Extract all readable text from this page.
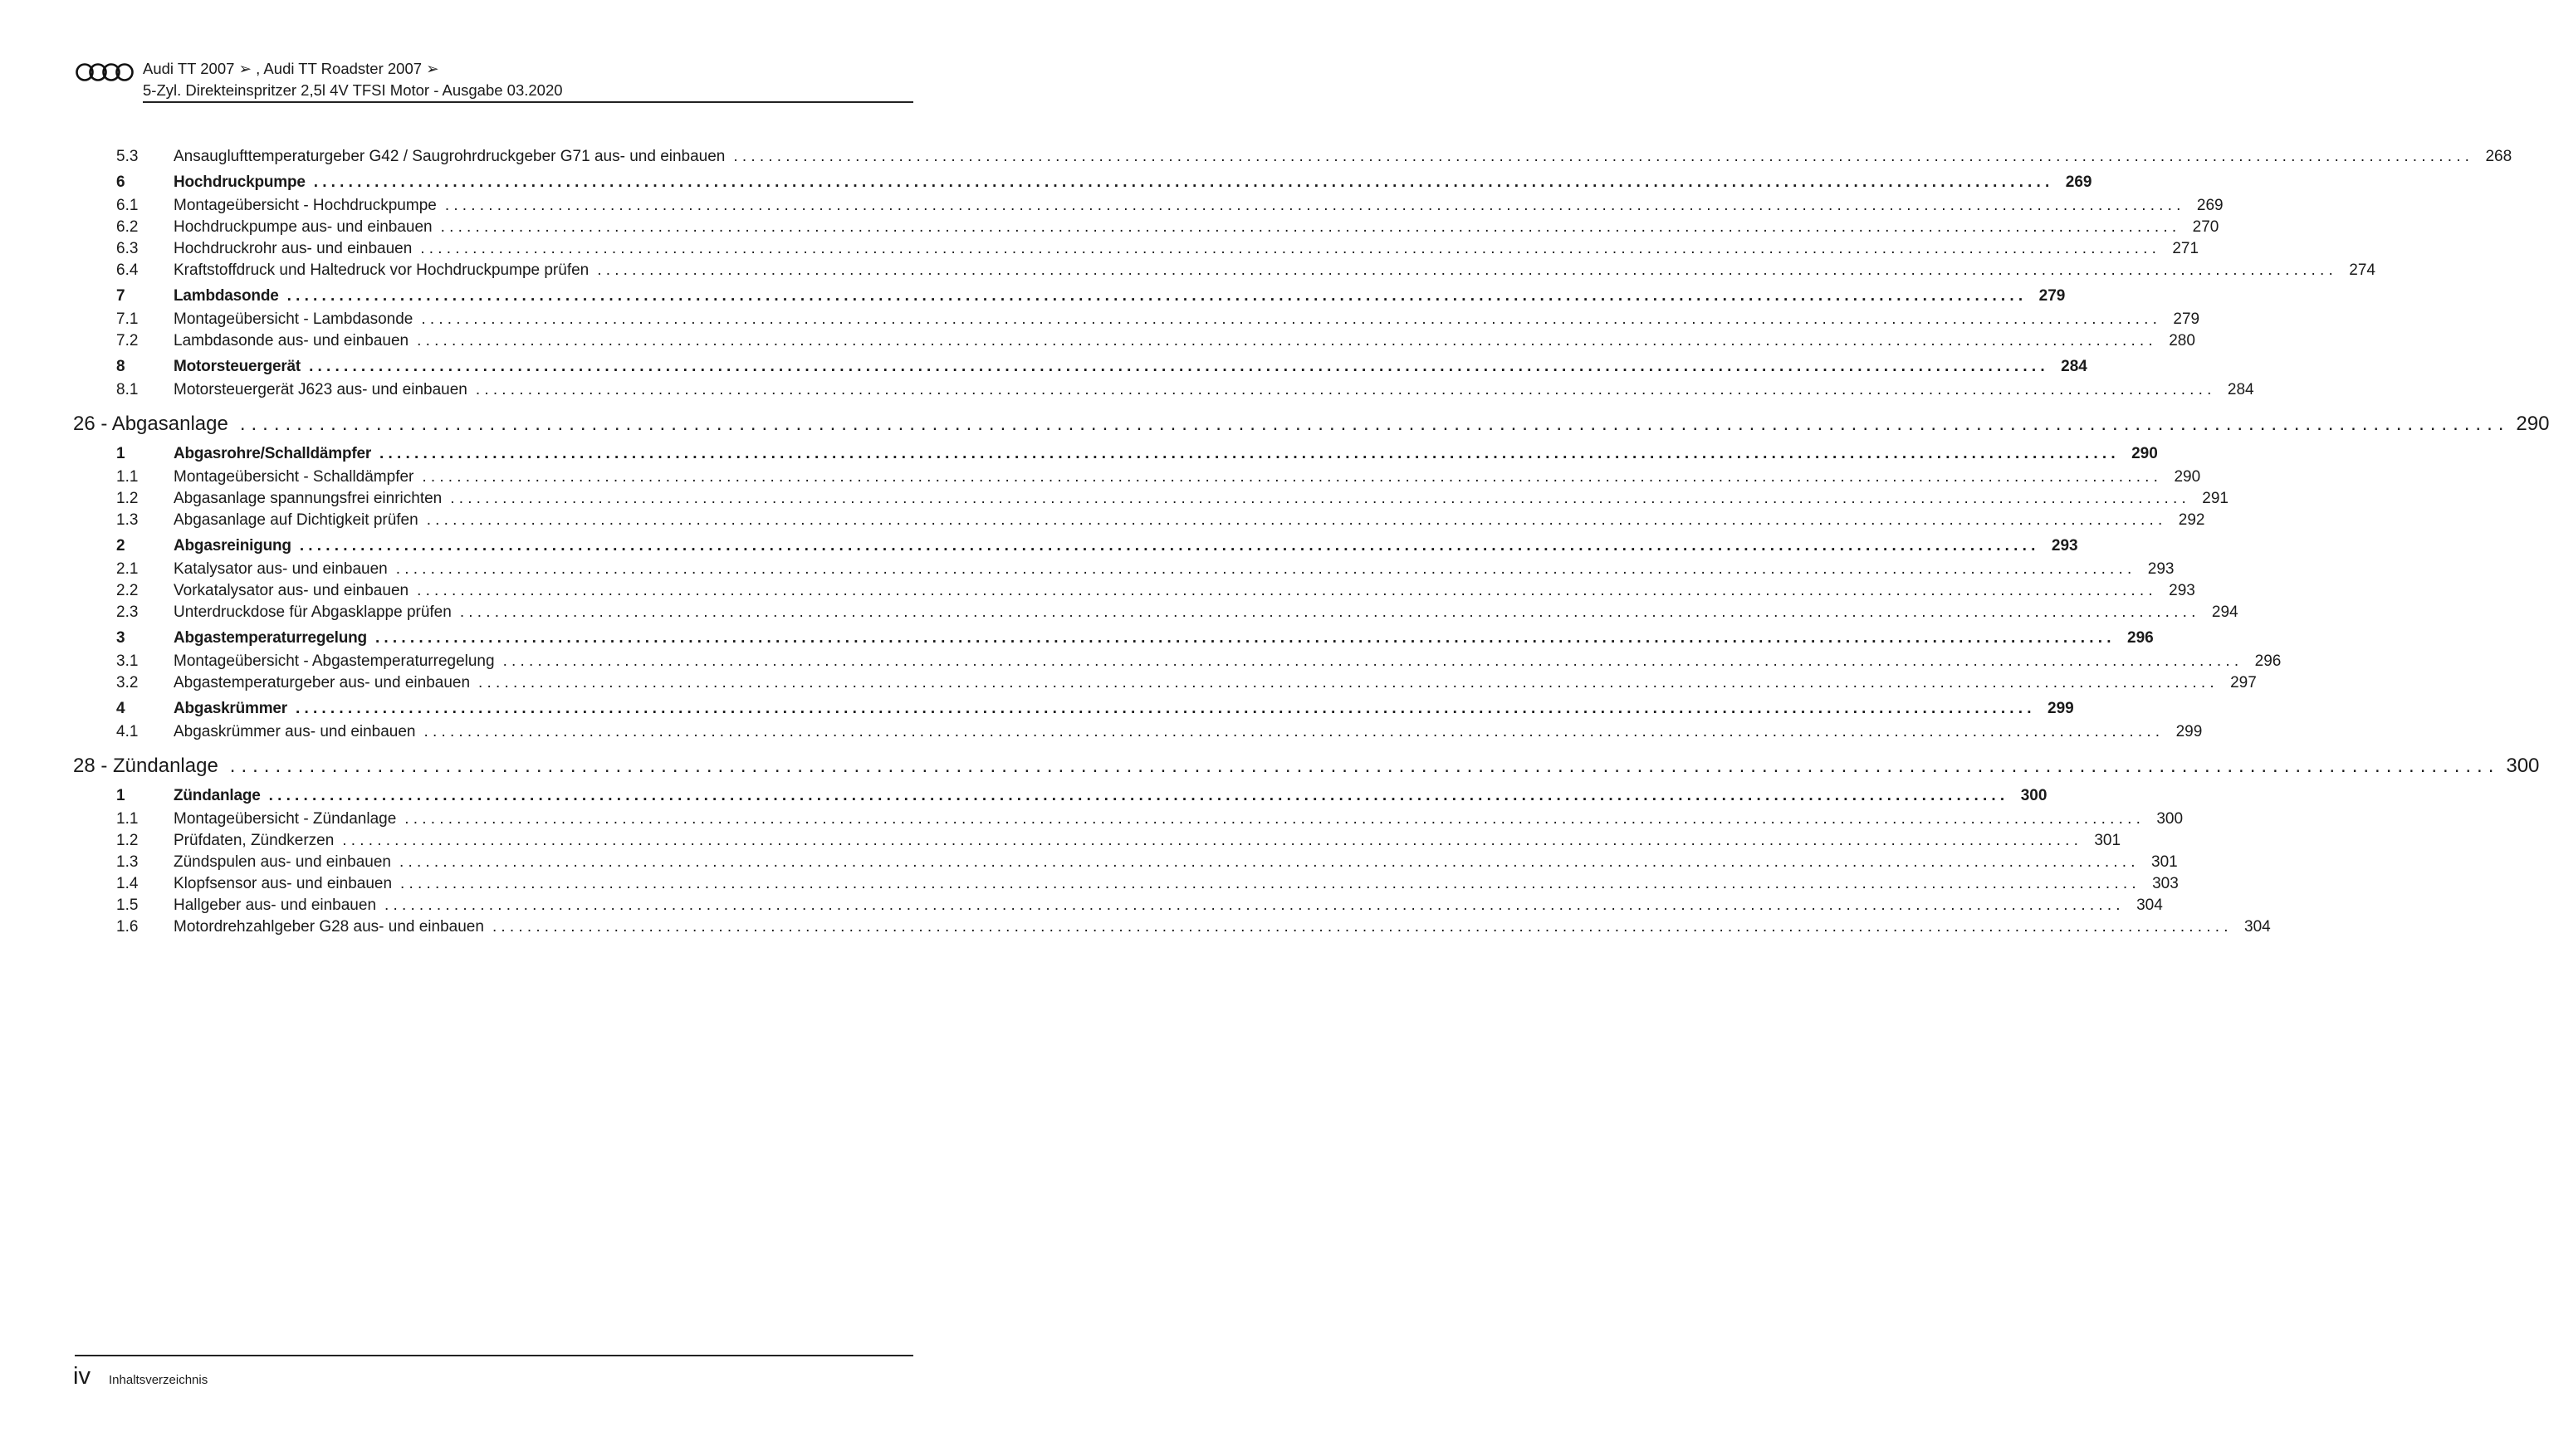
Audi TT 2007 ➢ , Audi TT Roadster 2007 ➢
5-Zyl. Direkteinspritzer 2,5l 4V TFSI Motor - Ausgabe 03.2020
5.3	Ansauglufttemperaturgeber G42 / Saugrohrdruckgeber G71 aus- und einbauen ........................................................................................................................................................................................................ 268
6	Hochdruckpumpe ........................................................................................................................................................................................................ 269
6.1	Montageübersicht - Hochdruckpumpe ........................................................................................................................................................................................................ 269
6.2	Hochdruckpumpe aus- und einbauen ........................................................................................................................................................................................................ 270
6.3	Hochdruckrohr aus- und einbauen ........................................................................................................................................................................................................ 271
6.4	Kraftstoffdruck und Haltedruck vor Hochdruckpumpe prüfen ........................................................................................................................................................................................................ 274
7	Lambdasonde ........................................................................................................................................................................................................ 279
7.1	Montageübersicht - Lambdasonde ........................................................................................................................................................................................................ 279
7.2	Lambdasonde aus- und einbauen ........................................................................................................................................................................................................ 280
8	Motorsteuergerät ........................................................................................................................................................................................................ 284
8.1	Motorsteuergerät J623 aus- und einbauen ........................................................................................................................................................................................................ 284
26 - Abgasanlage ........................................................................................................................................................................................................ 290
1	Abgasrohre/Schalldämpfer ........................................................................................................................................................................................................ 290
1.1	Montageübersicht - Schalldämpfer ........................................................................................................................................................................................................ 290
1.2	Abgasanlage spannungsfrei einrichten ........................................................................................................................................................................................................ 291
1.3	Abgasanlage auf Dichtigkeit prüfen ........................................................................................................................................................................................................ 292
2	Abgasreinigung ........................................................................................................................................................................................................ 293
2.1	Katalysator aus- und einbauen ........................................................................................................................................................................................................ 293
2.2	Vorkatalysator aus- und einbauen ........................................................................................................................................................................................................ 293
2.3	Unterdruckdose für Abgasklappe prüfen ........................................................................................................................................................................................................ 294
3	Abgastemperaturregelung ........................................................................................................................................................................................................ 296
3.1	Montageübersicht - Abgastemperaturregelung ........................................................................................................................................................................................................ 296
3.2	Abgastemperaturgeber aus- und einbauen ........................................................................................................................................................................................................ 297
4	Abgaskrümmer ........................................................................................................................................................................................................ 299
4.1	Abgaskrümmer aus- und einbauen ........................................................................................................................................................................................................ 299
28 - Zündanlage ........................................................................................................................................................................................................ 300
1	Zündanlage ........................................................................................................................................................................................................ 300
1.1	Montageübersicht - Zündanlage ........................................................................................................................................................................................................ 300
1.2	Prüfdaten, Zündkerzen ........................................................................................................................................................................................................ 301
1.3	Zündspulen aus- und einbauen ........................................................................................................................................................................................................ 301
1.4	Klopfsensor aus- und einbauen ........................................................................................................................................................................................................ 303
1.5	Hallgeber aus- und einbauen ........................................................................................................................................................................................................ 304
1.6	Motordrehzahlgeber G28 aus- und einbauen ........................................................................................................................................................................................................ 304
iv Inhaltsverzeichnis
